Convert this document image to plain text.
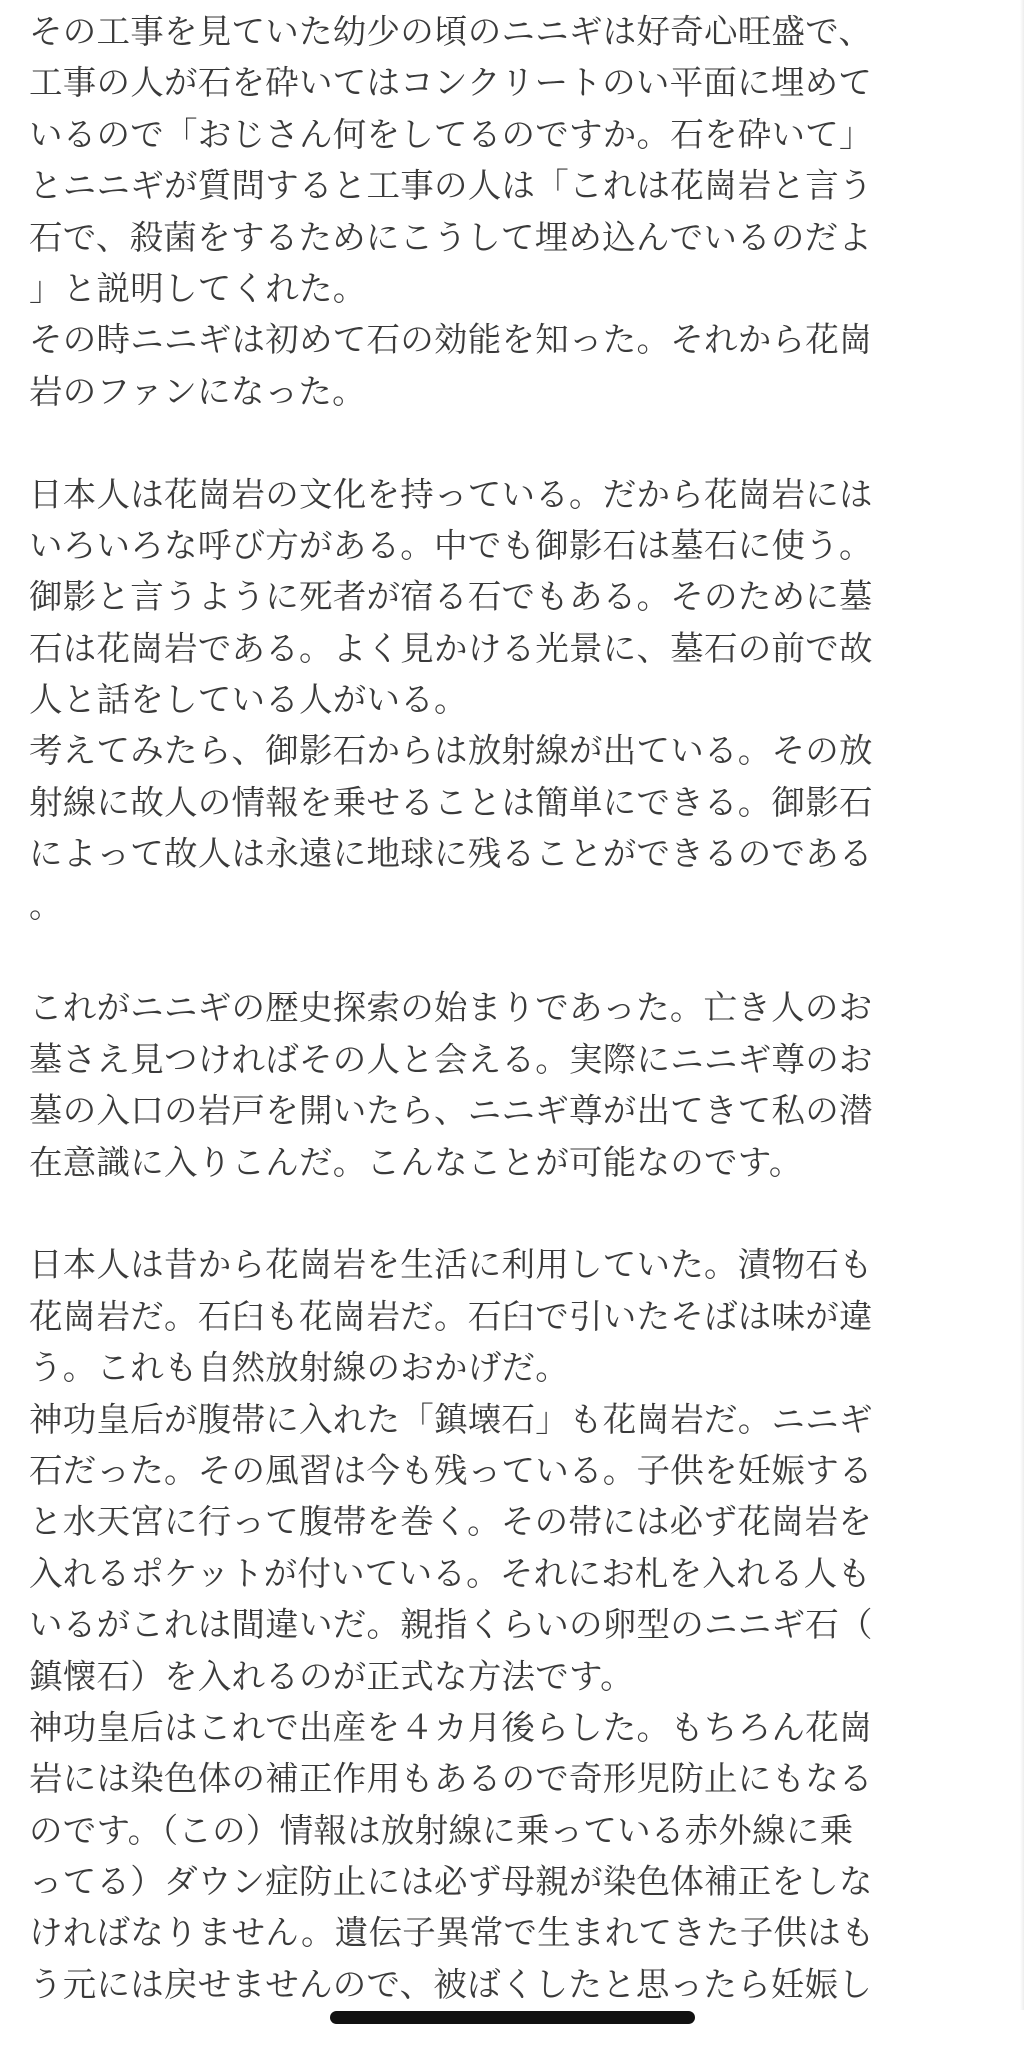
その工事を見ていた幼少の頃のニニギは好奇心旺盛で、
工事の人が石を砕いてはコンクリートのい平面に埋めて
いるので「おじさん何をしてるのですか。石を砕いて」
とニニギが質問すると工事の人は「これは花崗岩と言う
石で、殺菌をするためにこうして埋め込んでいるのだよ
」と説明してくれた。
その時ニニギは初めて石の効能を知った。それから花崗
岩のファンになった。
日本人は花崗岩の文化を持っている。だから花崗岩には
いろいろな呼び方がある。中でも御影石は墓石に使う。
御影と言うように死者が宿る石でもある。そのために墓
石は花崗岩である。よく見かける光景に、墓石の前で故
人と話をしている人がいる。
考えてみたら、御影石からは放射線が出ている。その放
射線に故人の情報を乗せることは簡単にできる。御影石
によって故人は永遠に地球に残ることができるのである
。
これがニニギの歴史探索の始まりであった。亡き人のお
墓さえ見つければその人と会える。実際にニニギ尊のお
墓の入口の岩戸を開いたら、ニニギ尊が出てきて私の潜
在意識に入りこんだ。こんなことが可能なのです。
日本人は昔から花崗岩を生活に利用していた。漬物石も
花崗岩だ。石臼も花崗岩だ。石臼で引いたそばは味が違
う。これも自然放射線のおかげだ。
神功皇后が腹帯に入れた「鎮壊石」も花崗岩だ。ニニギ
石だった。その風習は今も残っている。子供を妊娠する
と水天宮に行って腹帯を巻く。その帯には必ず花崗岩を
入れるポケットが付いている。それにお札を入れる人も
いるがこれは間違いだ。親指くらいの卵型のニニギ石（
鎮懐石）を入れるのが正式な方法です。
神功皇后はこれで出産を４カ月後らした。もちろん花崗
岩には染色体の補正作用もあるので奇形児防止にもなる
のです。（この）情報は放射線に乗っている赤外線に乗
ってる）ダウン症防止には必ず母親が染色体補正をしな
ければなりません。遺伝子異常で生まれてきた子供はも
う元には戻せませんので、被ばくしたと思ったら妊娠し
